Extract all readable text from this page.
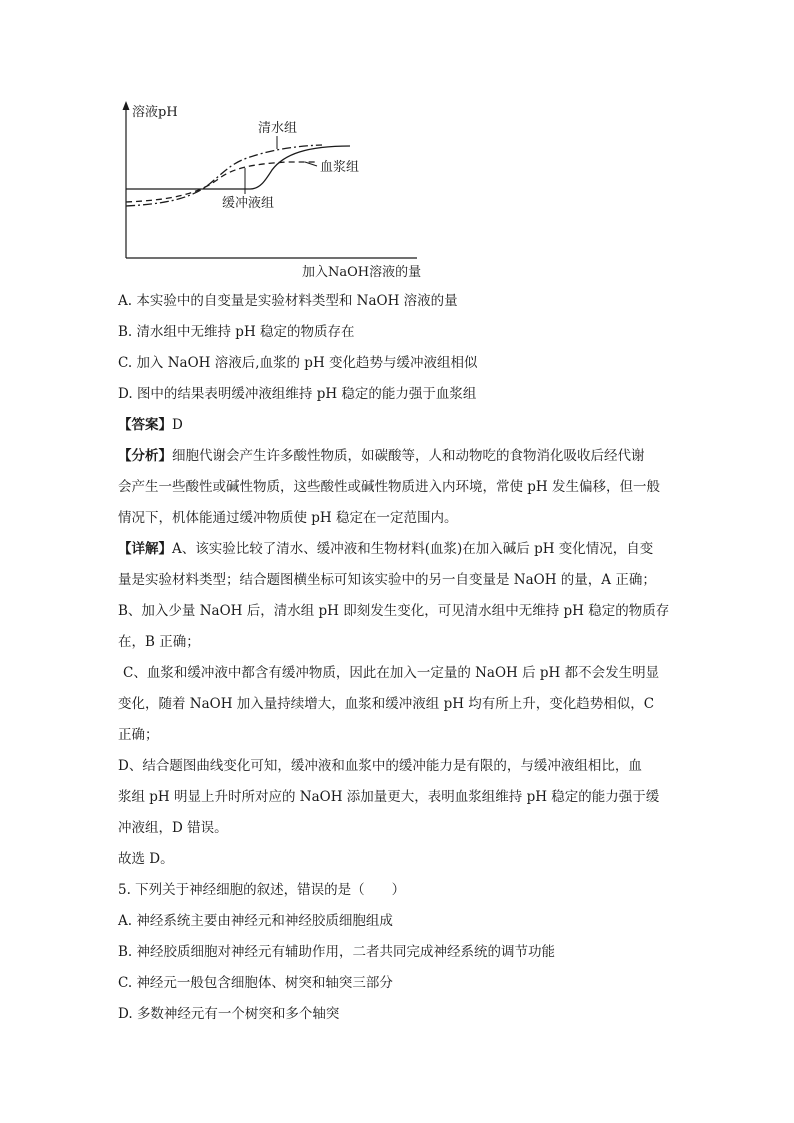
溶液pH
加入NaOH溶液的量
清水组
血浆组
缓冲液组

A. 本实验中的自变量是实验材料类型和 NaOH 溶液的量

B. 清水组中无维持 pH 稳定的物质存在

C. 加入 NaOH 溶液后,血浆的 pH 变化趋势与缓冲液组相似

D. 图中的结果表明缓冲液组维持 pH 稳定的能力强于血浆组

【答案】D

【分析】细胞代谢会产生许多酸性物质，如碳酸等，人和动物吃的食物消化吸收后经代谢

会产生一些酸性或碱性物质，这些酸性或碱性物质进入内环境，常使 pH 发生偏移，但一般

情况下，机体能通过缓冲物质使 pH 稳定在一定范围内。

【详解】A、该实验比较了清水、缓冲液和生物材料(血浆)在加入碱后 pH 变化情况，自变

量是实验材料类型；结合题图横坐标可知该实验中的另一自变量是 NaOH 的量，A 正确；

B、加入少量 NaOH 后，清水组 pH 即刻发生变化，可见清水组中无维持 pH 稳定的物质存

在，B 正确；

C、血浆和缓冲液中都含有缓冲物质，因此在加入一定量的 NaOH 后 pH 都不会发生明显

变化，随着 NaOH 加入量持续增大，血浆和缓冲液组 pH 均有所上升，变化趋势相似，C

正确；

D、结合题图曲线变化可知，缓冲液和血浆中的缓冲能力是有限的，与缓冲液组相比，血

浆组 pH 明显上升时所对应的 NaOH 添加量更大，表明血浆组维持 pH 稳定的能力强于缓

冲液组，D 错误。

故选 D。

5. 下列关于神经细胞的叙述，错误的是（　　）

A. 神经系统主要由神经元和神经胶质细胞组成

B. 神经胶质细胞对神经元有辅助作用，二者共同完成神经系统的调节功能

C. 神经元一般包含细胞体、树突和轴突三部分

D. 多数神经元有一个树突和多个轴突
